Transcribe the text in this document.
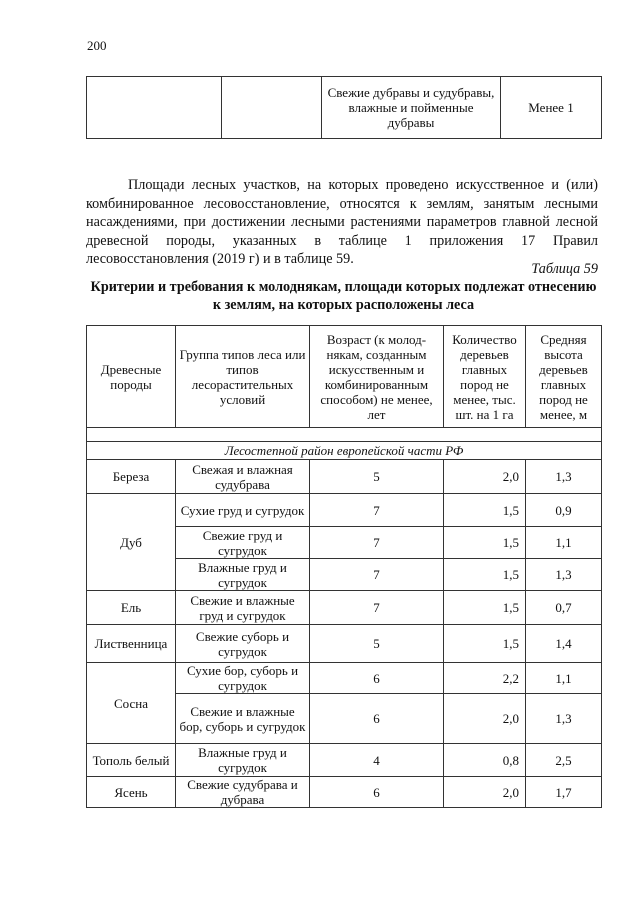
200
		Свежие дубравы и судубравы, влажные и пойменные дубравы	Менее 1

Площади лесных участков, на которых проведено искусственное и (или) комбинированное лесовосстановление, относятся к землям, занятым лесными насаждениями, при достижении лесными растениями параметров главной лесной древесной породы, указанных в таблице 1 приложения 17 Правил лесовосстановления (2019 г) и в таблице 59.

Таблица 59
Критерии и требования к молоднякам, площади которых подлежат отнесению к землям, на которых расположены леса
Древесные породы	Группа типов леса или типов лесорастительных условий	Возраст (к молод-някам, созданным искусственным и комбинированным способом) не менее, лет	Количество деревьев главных пород не менее, тыс. шт. на 1 га	Средняя высота деревьев главных пород не менее, м

Лесостепной район европейской части РФ				
Береза	Свежая и влажная судубрава	5	2,0	1,3
Дуб	Сухие груд и сугрудок	7	1,5	0,9
	Свежие груд и сугрудок	7	1,5	1,1
	Влажные груд и сугрудок	7	1,5	1,3
Ель	Свежие и влажные груд и сугрудок	7	1,5	0,7
Лиственница	Свежие суборь и сугрудок	5	1,5	1,4
Сосна	Сухие бор, суборь и сугрудок	6	2,2	1,1
	Свежие и влажные бор, суборь и сугрудок	6	2,0	1,3
Тополь белый	Влажные груд и сугрудок	4	0,8	2,5
Ясень	Свежие судубрава и дубрава	6	2,0	1,7
